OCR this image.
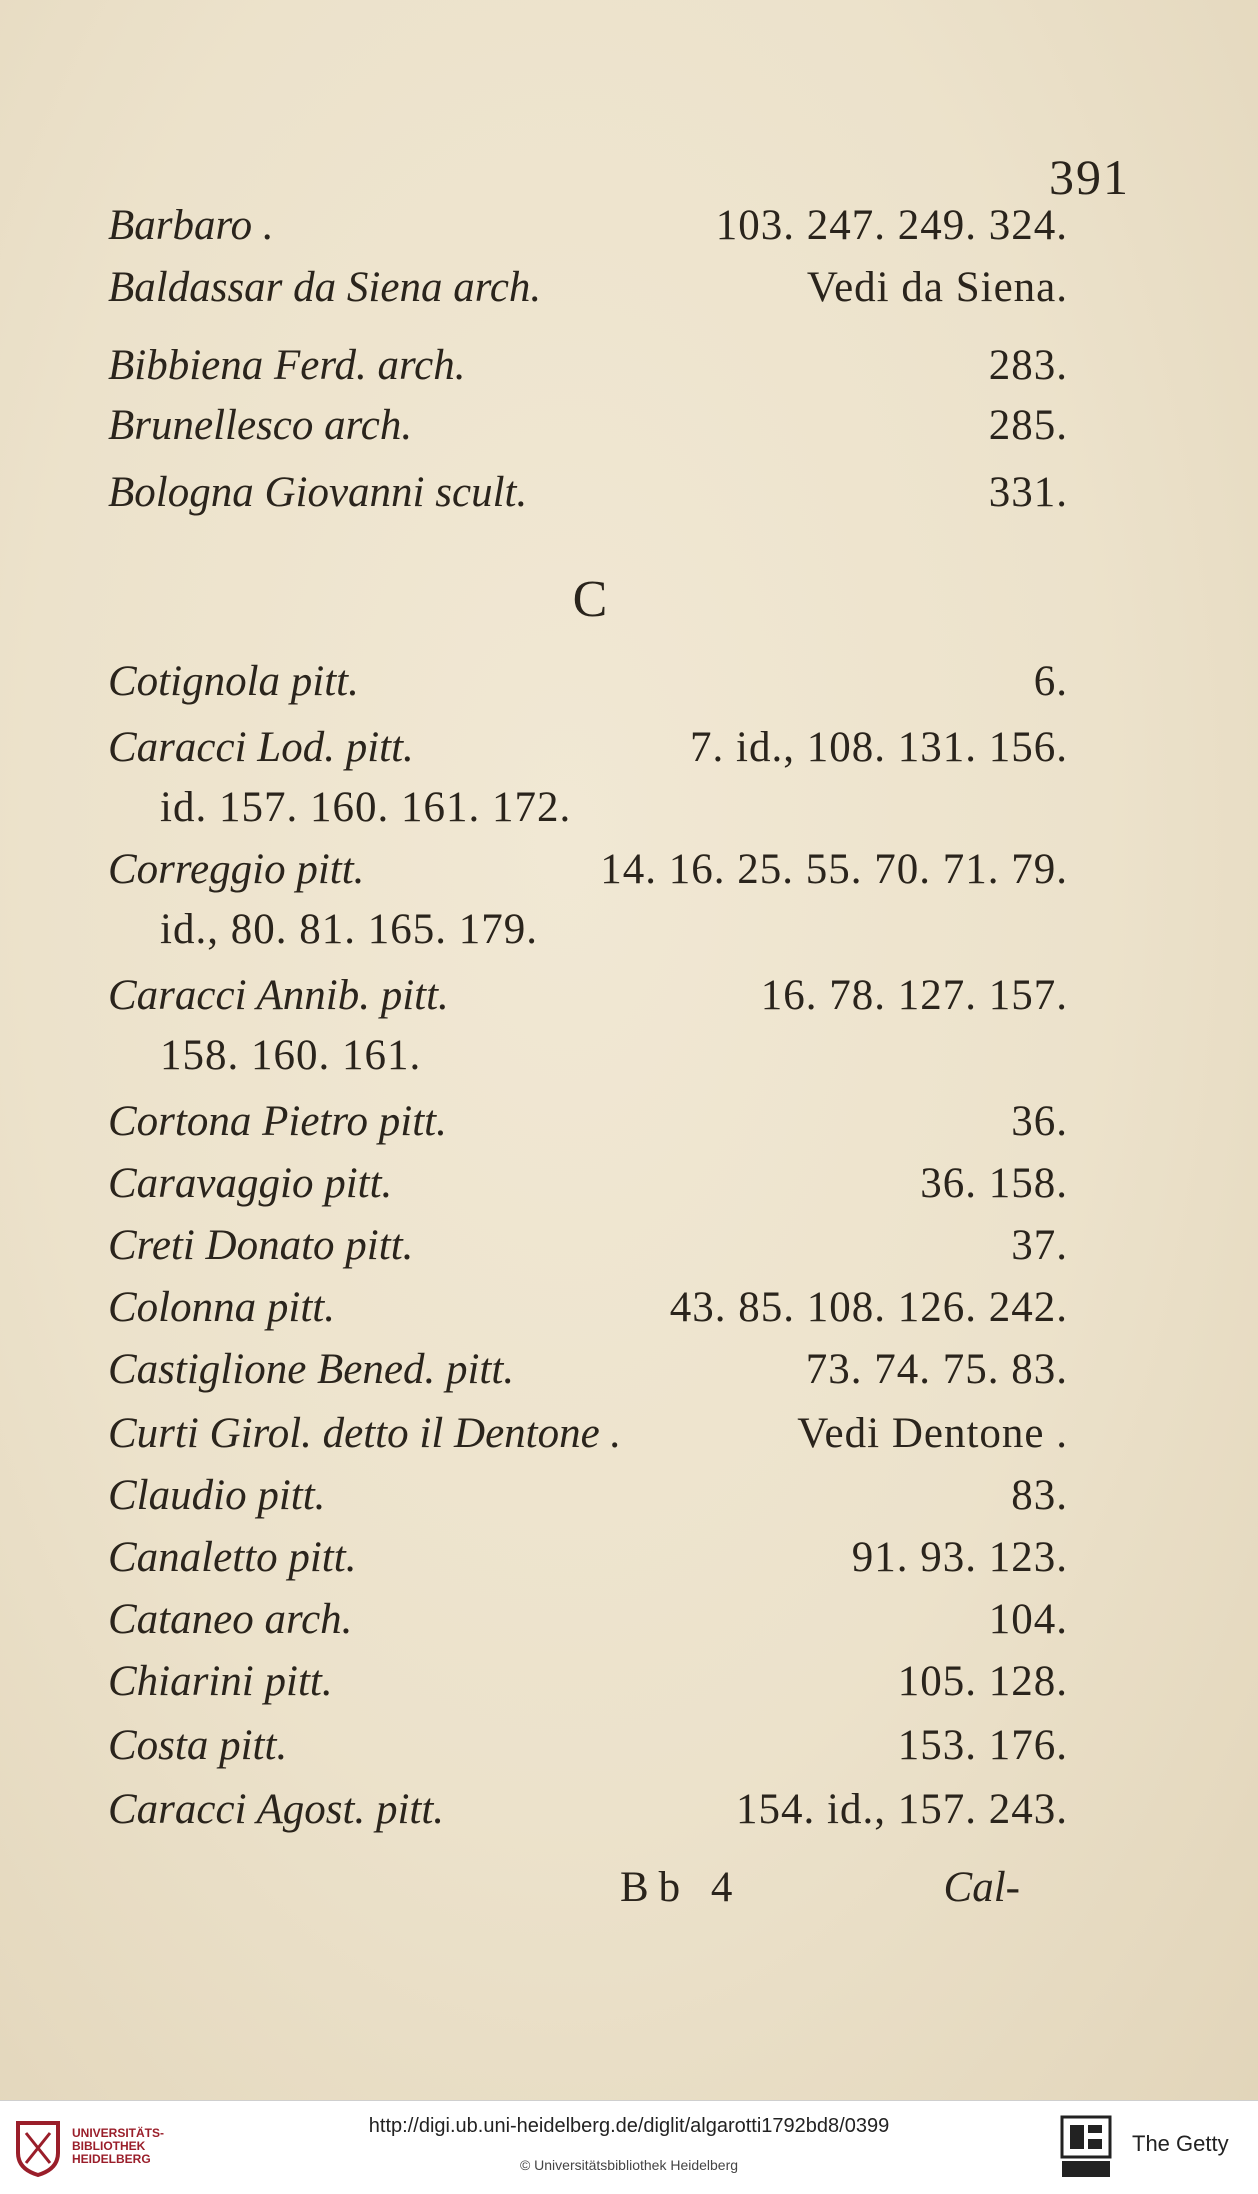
391
Barbaro .	103. 247. 249. 324.
Baldassar da Siena arch.	Vedi da Siena.
Bibbiena Ferd. arch.	283.
Brunellesco arch.	285.
Bologna Giovanni scult.	331.
C
Cotignola pitt.	6.
Caracci Lod. pitt.	7. id., 108. 131. 156.
id. 157. 160. 161. 172.
Correggio pitt.	14. 16. 25. 55. 70. 71. 79.
id., 80. 81. 165. 179.
Caracci Annib. pitt.	16. 78. 127. 157.
158. 160. 161.
Cortona Pietro pitt.	36.
Caravaggio pitt.	36. 158.
Creti Donato pitt.	37.
Colonna pitt.	43. 85. 108. 126. 242.
Castiglione Bened. pitt.	73. 74. 75. 83.
Curti Girol. detto il Dentone .	Vedi Dentone .
Claudio pitt.	83.
Canaletto pitt.	91. 93. 123.
Cataneo arch.	104.
Chiarini pitt.	105. 128.
Costa pitt.	153. 176.
Caracci Agost. pitt.	154. id., 157. 243.
Bb 4	Cal-
UNIVERSITÄTS-
BIBLIOTHEK
HEIDELBERG
http://digi.ub.uni-heidelberg.de/diglit/algarotti1792bd8/0399
© Universitätsbibliothek Heidelberg
The Getty
